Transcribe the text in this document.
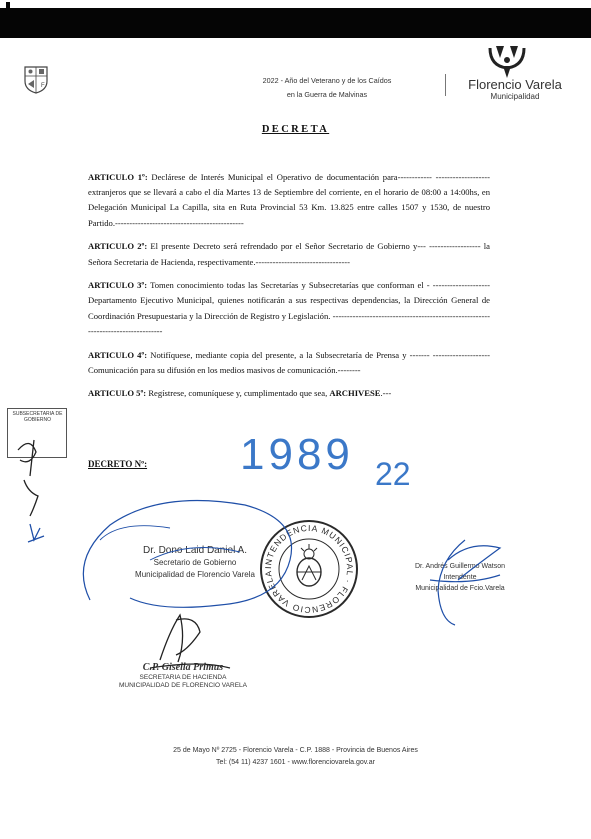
F
2022 - Año del Veterano y de los Caídos
en la Guerra de Malvinas
Florencio Varela
Municipalidad
DECRETA

ARTICULO 1º: Declárese de Interés Municipal el Operativo de documentación para------------ ------------------- extranjeros que se llevará a cabo el día Martes 13 de Septiembre del corriente, en el horario de 08:00 a 14:00hs, en Delegación Municipal La Capilla, sita en Ruta Provincial 53 Km. 13.825 entre calles 1507 y 1530, de nuestro Partido.---------------------------------------------

ARTICULO 2º: El presente Decreto será refrendado por el Señor Secretario de Gobierno y--- ------------------ la Señora Secretaria de Hacienda, respectivamente.---------------------------------

ARTICULO 3º: Tomen conocimiento todas las Secretarías y Subsecretarías que conforman el - -------------------- Departamento Ejecutivo Municipal, quienes notificarán a sus respectivas dependencias, la Dirección General de Coordinación Presupuestaria y la Dirección de Registro y Legislación. ---------------------------------------------------------------------------------

ARTICULO 4º: Notifíquese, mediante copia del presente, a la Subsecretaría de Prensa y ------- -------------------- Comunicación para su difusión en los medios masivos de comunicación.--------

ARTICULO 5º: Regístrese, comuníquese y, cumplimentado que sea, ARCHIVESE.---

SUBSECRETARIA DE GOBIERNO
DECRETO Nº: 1989 22
Dr. Dono Laid Daniel A.
Secretario de Gobierno
Municipalidad de Florencio Varela
Dr. Andrés Guillermo Watson
Intendente
Municipalidad de Fcio.Varela
C.P. Gisella Primus
SECRETARIA DE HACIENDA
MUNICIPALIDAD DE FLORENCIO VARELA
INTENDENCIA MUNICIPAL · FLORENCIO VARELA
25 de Mayo Nº 2725 - Florencio Varela - C.P. 1888 - Provincia de Buenos Aires
Tel: (54 11) 4237 1601 - www.florenciovarela.gov.ar
